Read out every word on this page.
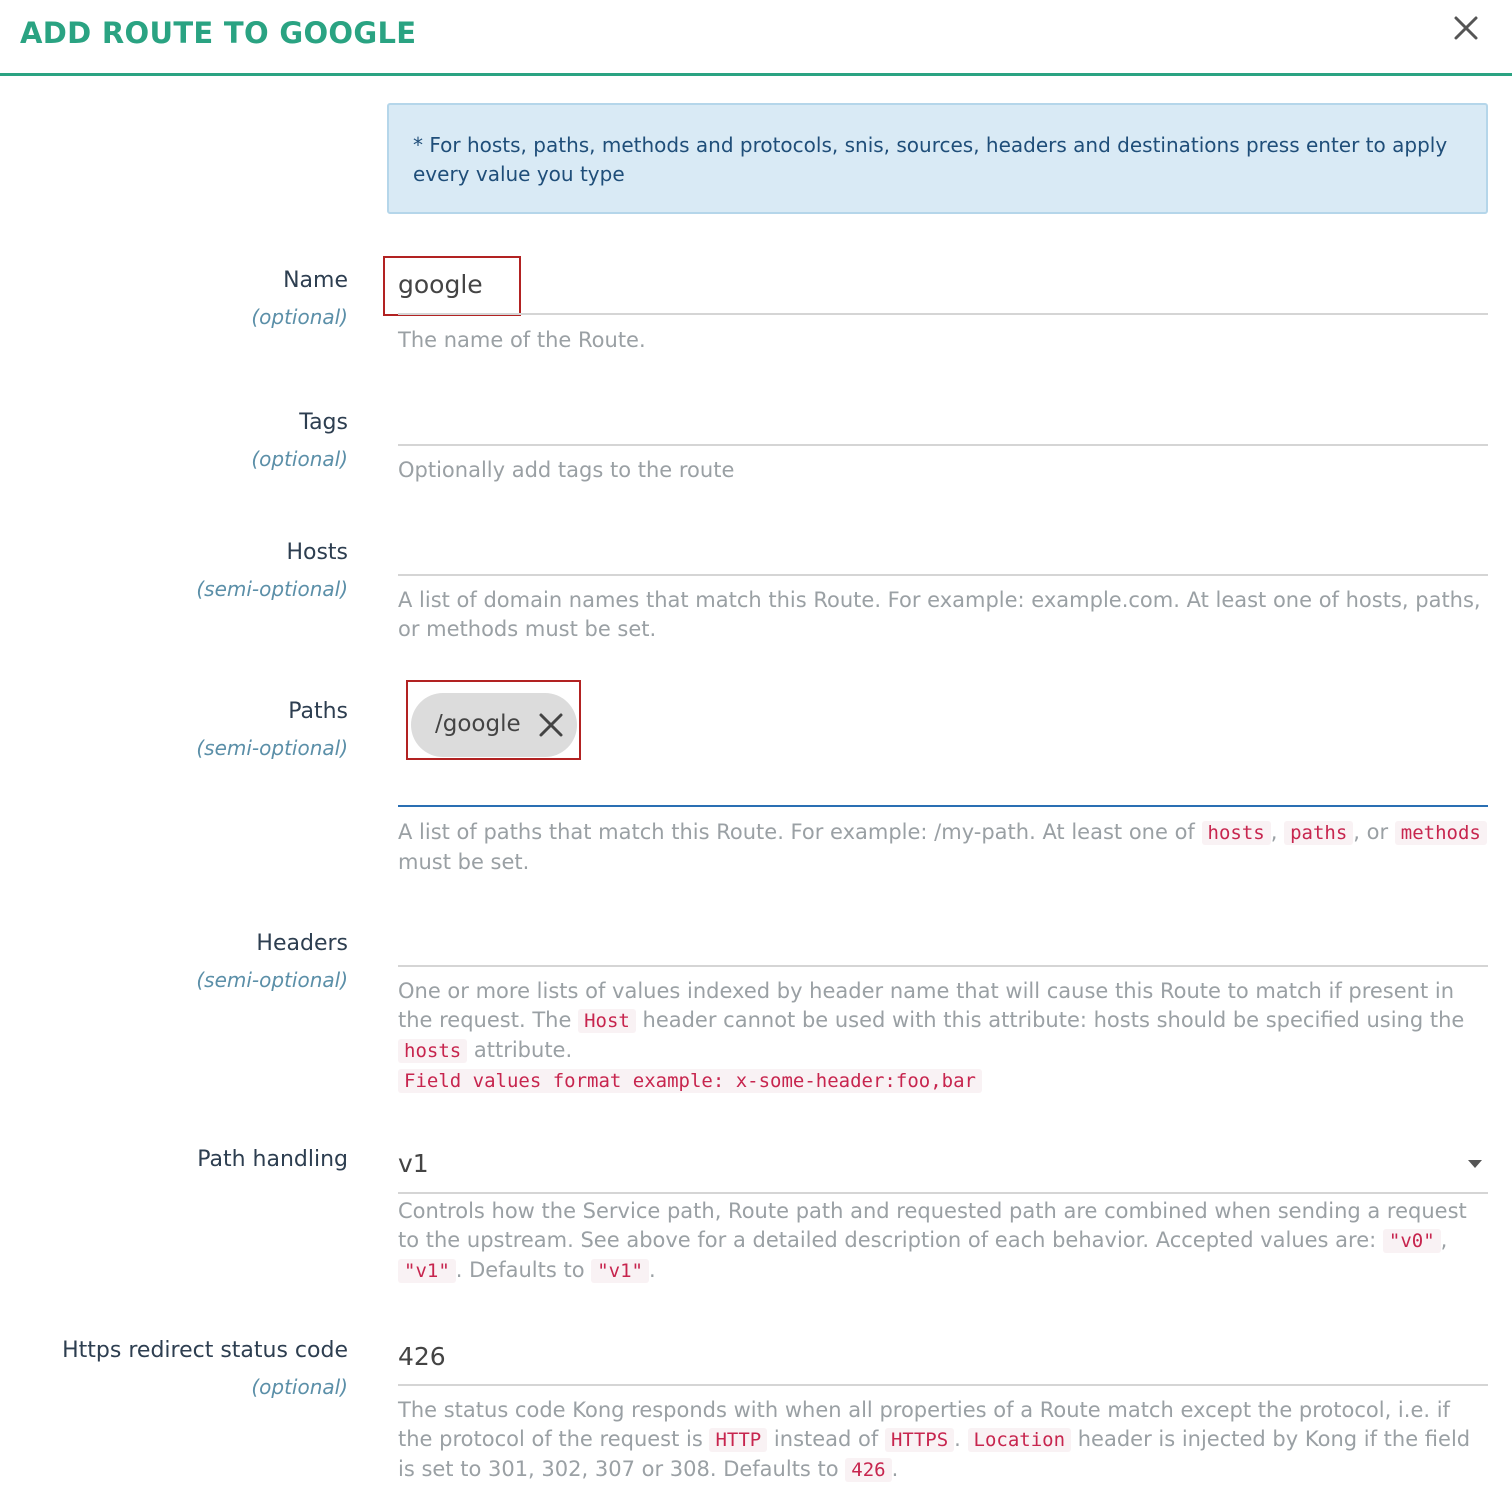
ADD ROUTE TO GOOGLE
* For hosts, paths, methods and protocols, snis, sources, headers and destinations press enter to apply every value you type
Name
(optional)
google
The name of the Route.
Tags
(optional) Optionally add tags to the route
Hosts
(semi-optional) A list of domain names that match this Route. For example: example.com. At least one of hosts, paths, or methods must be set.
Paths
(semi-optional)
/google
A list of paths that match this Route. For example: /my-path. At least one of hosts , paths , or methods must be set.
Headers
(semi-optional) One or more lists of values indexed by header name that will cause this Route to match if present in the request. The Host header cannot be used with this attribute: hosts should be specified using the hosts attribute.
Field values format example: x-some-header:foo,bar
Path handling v1
Controls how the Service path, Route path and requested path are combined when sending a request to the upstream. See above for a detailed description of each behavior. Accepted values are: "v0" , "v1" . Defaults to "v1" .
Https redirect status code
(optional)
426
The status code Kong responds with when all properties of a Route match except the protocol, i.e. if the protocol of the request is HTTP instead of HTTPS . Location header is injected by Kong if the field is set to 301, 302, 307 or 308. Defaults to 426 .
